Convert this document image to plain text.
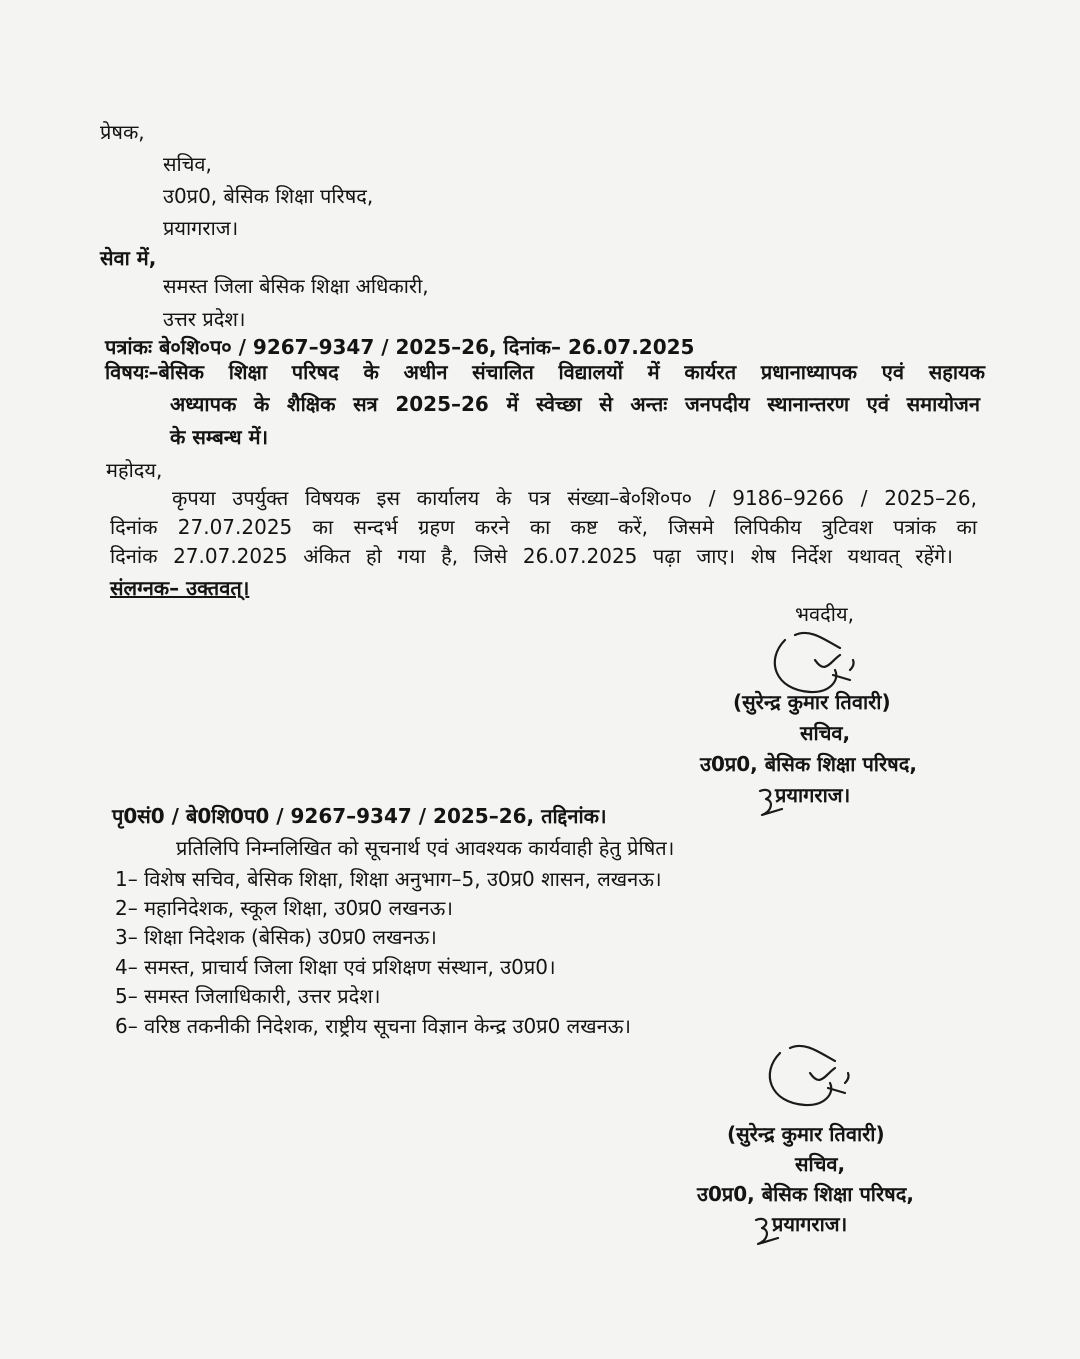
प्रेषक,
सचिव,
उ0प्र0, बेसिक शिक्षा परिषद,
प्रयागराज।
सेवा में,
समस्त जिला बेसिक शिक्षा अधिकारी,
उत्तर प्रदेश।
पत्रांकः बे०शि०प० / 9267–9347 / 2025–26, दिनांक– 26.07.2025
विषयः–बेसिक शिक्षा परिषद के अधीन संचालित विद्यालयों में कार्यरत प्रधानाध्यापक एवं सहायक
अध्यापक के शैक्षिक सत्र 2025–26 में स्वेच्छा से अन्तः जनपदीय स्थानान्तरण एवं समायोजन
के सम्बन्ध में।
महोदय,
कृपया उपर्युक्त विषयक इस कार्यालय के पत्र संख्या–बे०शि०प० / 9186–9266 / 2025–26,
दिनांक 27.07.2025 का सन्दर्भ ग्रहण करने का कष्ट करें, जिसमे लिपिकीय त्रुटिवश पत्रांक का
दिनांक 27.07.2025 अंकित हो गया है, जिसे 26.07.2025 पढ़ा जाए। शेष निर्देश यथावत् रहेंगे।
संलग्नक– उक्तवत्।
भवदीय,
(सुरेन्द्र कुमार तिवारी)
सचिव,
उ0प्र0, बेसिक शिक्षा परिषद,
प्रयागराज।
पृ0सं0 / बे0शि0प0 / 9267–9347 / 2025–26, तद्दिनांक।
प्रतिलिपि निम्नलिखित को सूचनार्थ एवं आवश्यक कार्यवाही हेतु प्रेषित।
1– विशेष सचिव, बेसिक शिक्षा, शिक्षा अनुभाग–5, उ0प्र0 शासन, लखनऊ।
2– महानिदेशक, स्कूल शिक्षा, उ0प्र0 लखनऊ।
3– शिक्षा निदेशक (बेसिक) उ0प्र0 लखनऊ।
4– समस्त, प्राचार्य जिला शिक्षा एवं प्रशिक्षण संस्थान, उ0प्र0।
5– समस्त जिलाधिकारी, उत्तर प्रदेश।
6– वरिष्ठ तकनीकी निदेशक, राष्ट्रीय सूचना विज्ञान केन्द्र उ0प्र0 लखनऊ।
(सुरेन्द्र कुमार तिवारी)
सचिव,
उ0प्र0, बेसिक शिक्षा परिषद,
प्रयागराज।
